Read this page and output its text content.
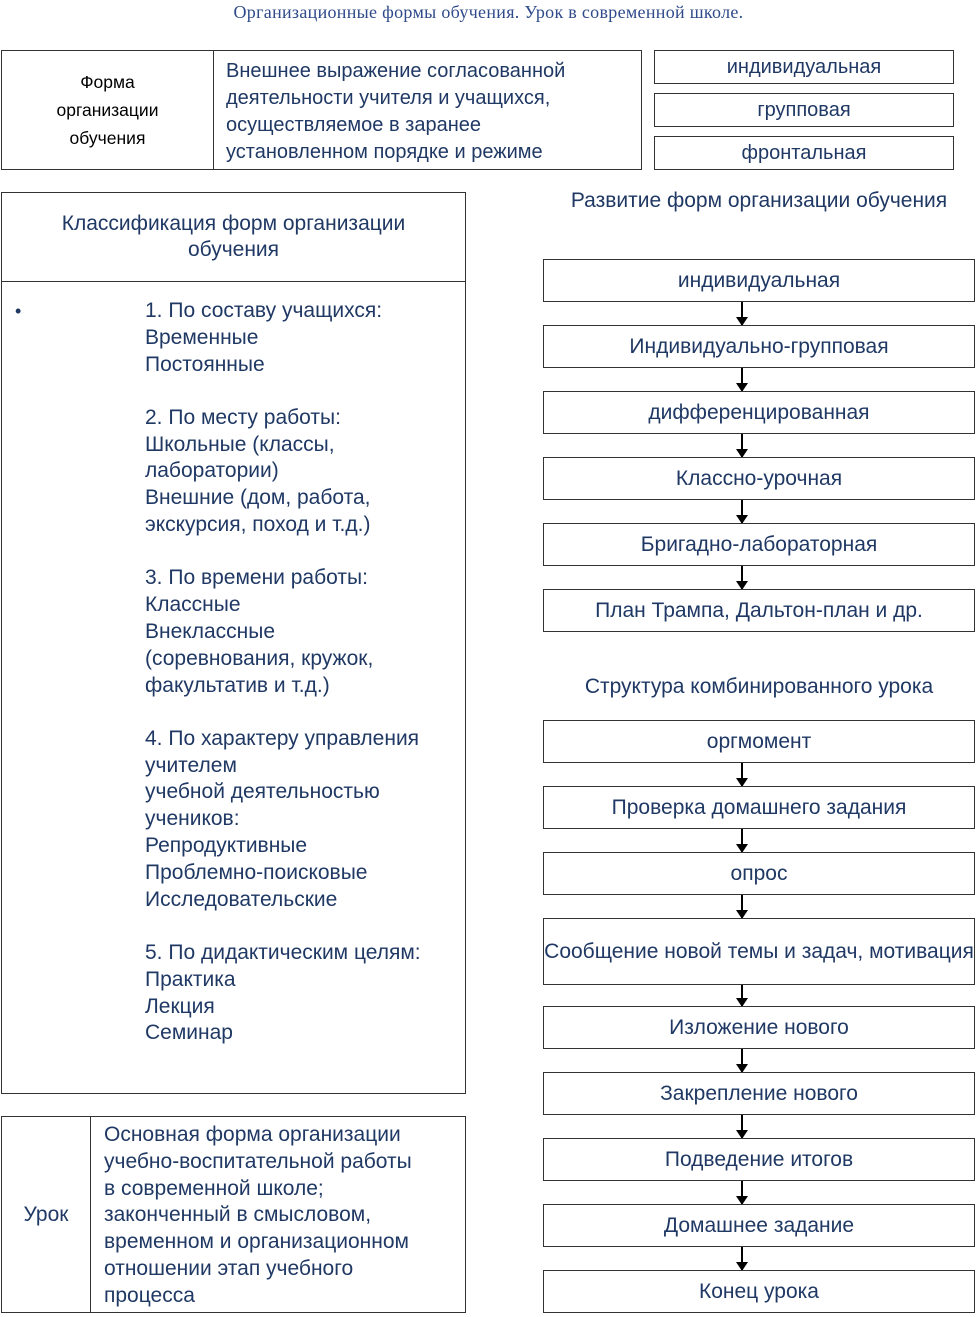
Организационные формы обучения. Урок в современной школе.
Форма
организации
обучения
Внешнее выражение согласованной
деятельности учителя и учащихся,
осуществляемое в заранее
установленном порядке и режиме
индивидуальная
групповая
фронтальная
Классификация форм организации обучения
•	1. По составу учащихся:
Временные
Постоянные
2. По месту работы:
Школьные (классы,
лаборатории)
Внешние (дом, работа,
экскурсия, поход и т.д.)
3. По времени работы:
Классные
Внеклассные
(соревнования, кружок,
факультатив и т.д.)
4. По характеру управления
учителем
учебной деятельностью
учеников:
Репродуктивные
Проблемно-поисковые
Исследовательские
5. По дидактическим целям:
Практика
Лекция
Семинар
Урок
Основная форма организации
учебно-воспитательной работы
в современной школе;
законченный в смысловом,
временном и организационном
отношении этап учебного
процесса
Развитие форм организации обучения
индивидуальная
Индивидуально-групповая
дифференцированная
Классно-урочная
Бригадно-лабораторная
План Трампа, Дальтон-план и др.
Структура комбинированного урока
оргмомент
Проверка домашнего задания
опрос
Сообщение новой темы и задач, мотивация
Изложение нового
Закрепление нового
Подведение итогов
Домашнее задание
Конец урока
